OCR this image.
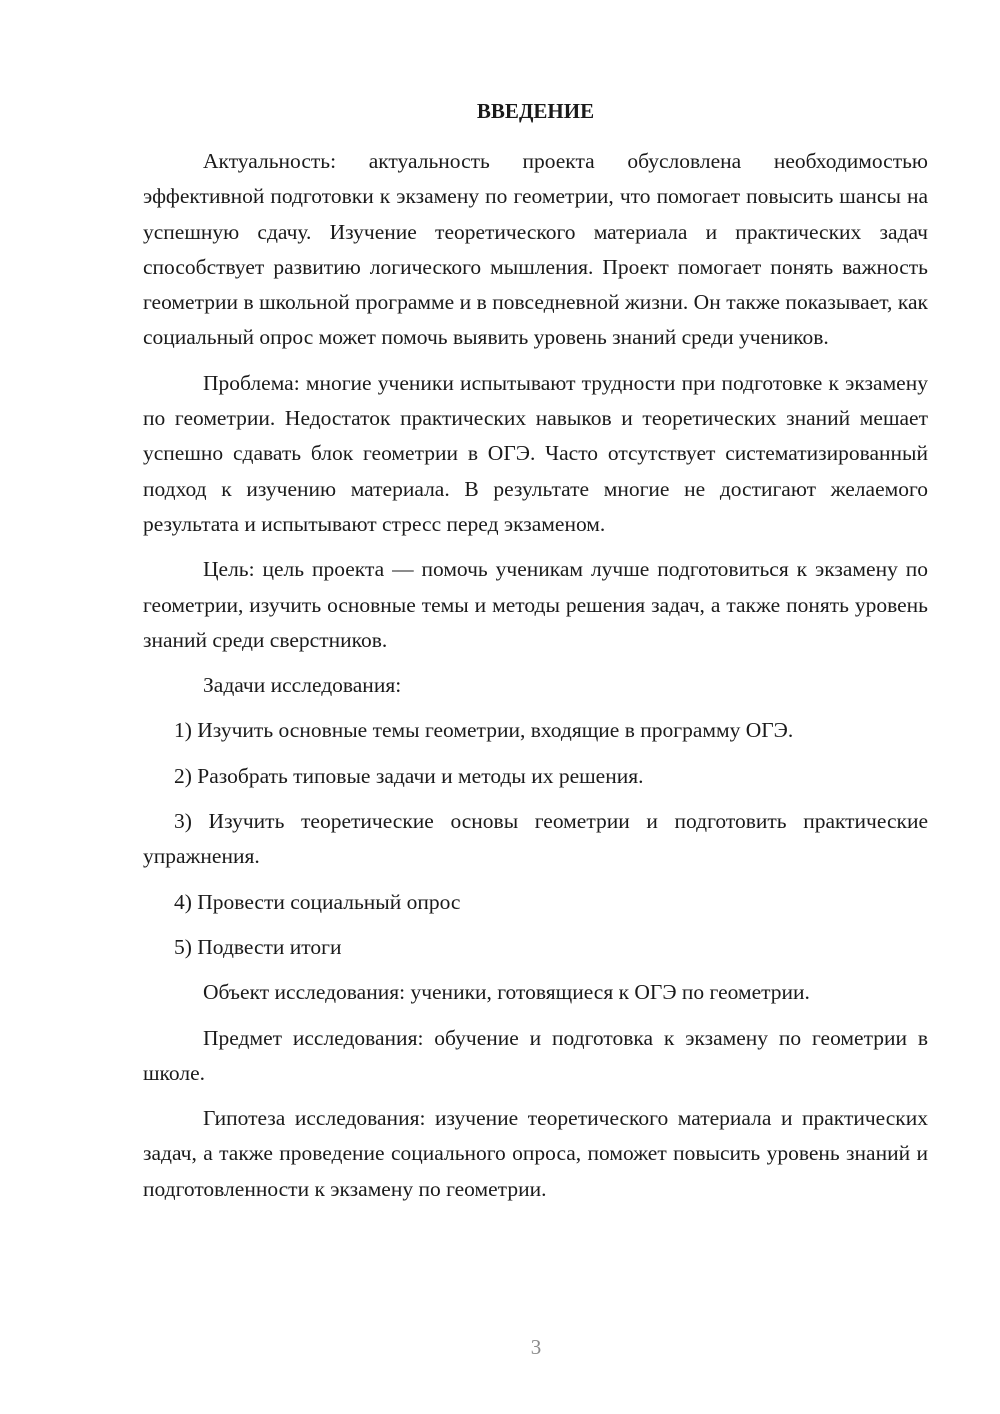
ВВЕДЕНИЕ

Актуальность: актуальность проекта обусловлена необходимостью эффективной подготовки к экзамену по геометрии, что помогает повысить шансы на успешную сдачу. Изучение теоретического материала и практических задач способствует развитию логического мышления. Проект помогает понять важность геометрии в школьной программе и в повседневной жизни. Он также показывает, как социальный опрос может помочь выявить уровень знаний среди учеников.

Проблема: многие ученики испытывают трудности при подготовке к экзамену по геометрии. Недостаток практических навыков и теоретических знаний мешает успешно сдавать блок геометрии в ОГЭ. Часто отсутствует систематизированный подход к изучению материала. В результате многие не достигают желаемого результата и испытывают стресс перед экзаменом.

Цель: цель проекта — помочь ученикам лучше подготовиться к экзамену по геометрии, изучить основные темы и методы решения задач, а также понять уровень знаний среди сверстников.

Задачи исследования:

1) Изучить основные темы геометрии, входящие в программу ОГЭ.

2) Разобрать типовые задачи и методы их решения.

3) Изучить теоретические основы геометрии и подготовить практические упражнения.

4) Провести социальный опрос

5) Подвести итоги

Объект исследования: ученики, готовящиеся к ОГЭ по геометрии.

Предмет исследования: обучение и подготовка к экзамену по геометрии в школе.

Гипотеза исследования: изучение теоретического материала и практических задач, а также проведение социального опроса, поможет повысить уровень знаний и подготовленности к экзамену по геометрии.

3
